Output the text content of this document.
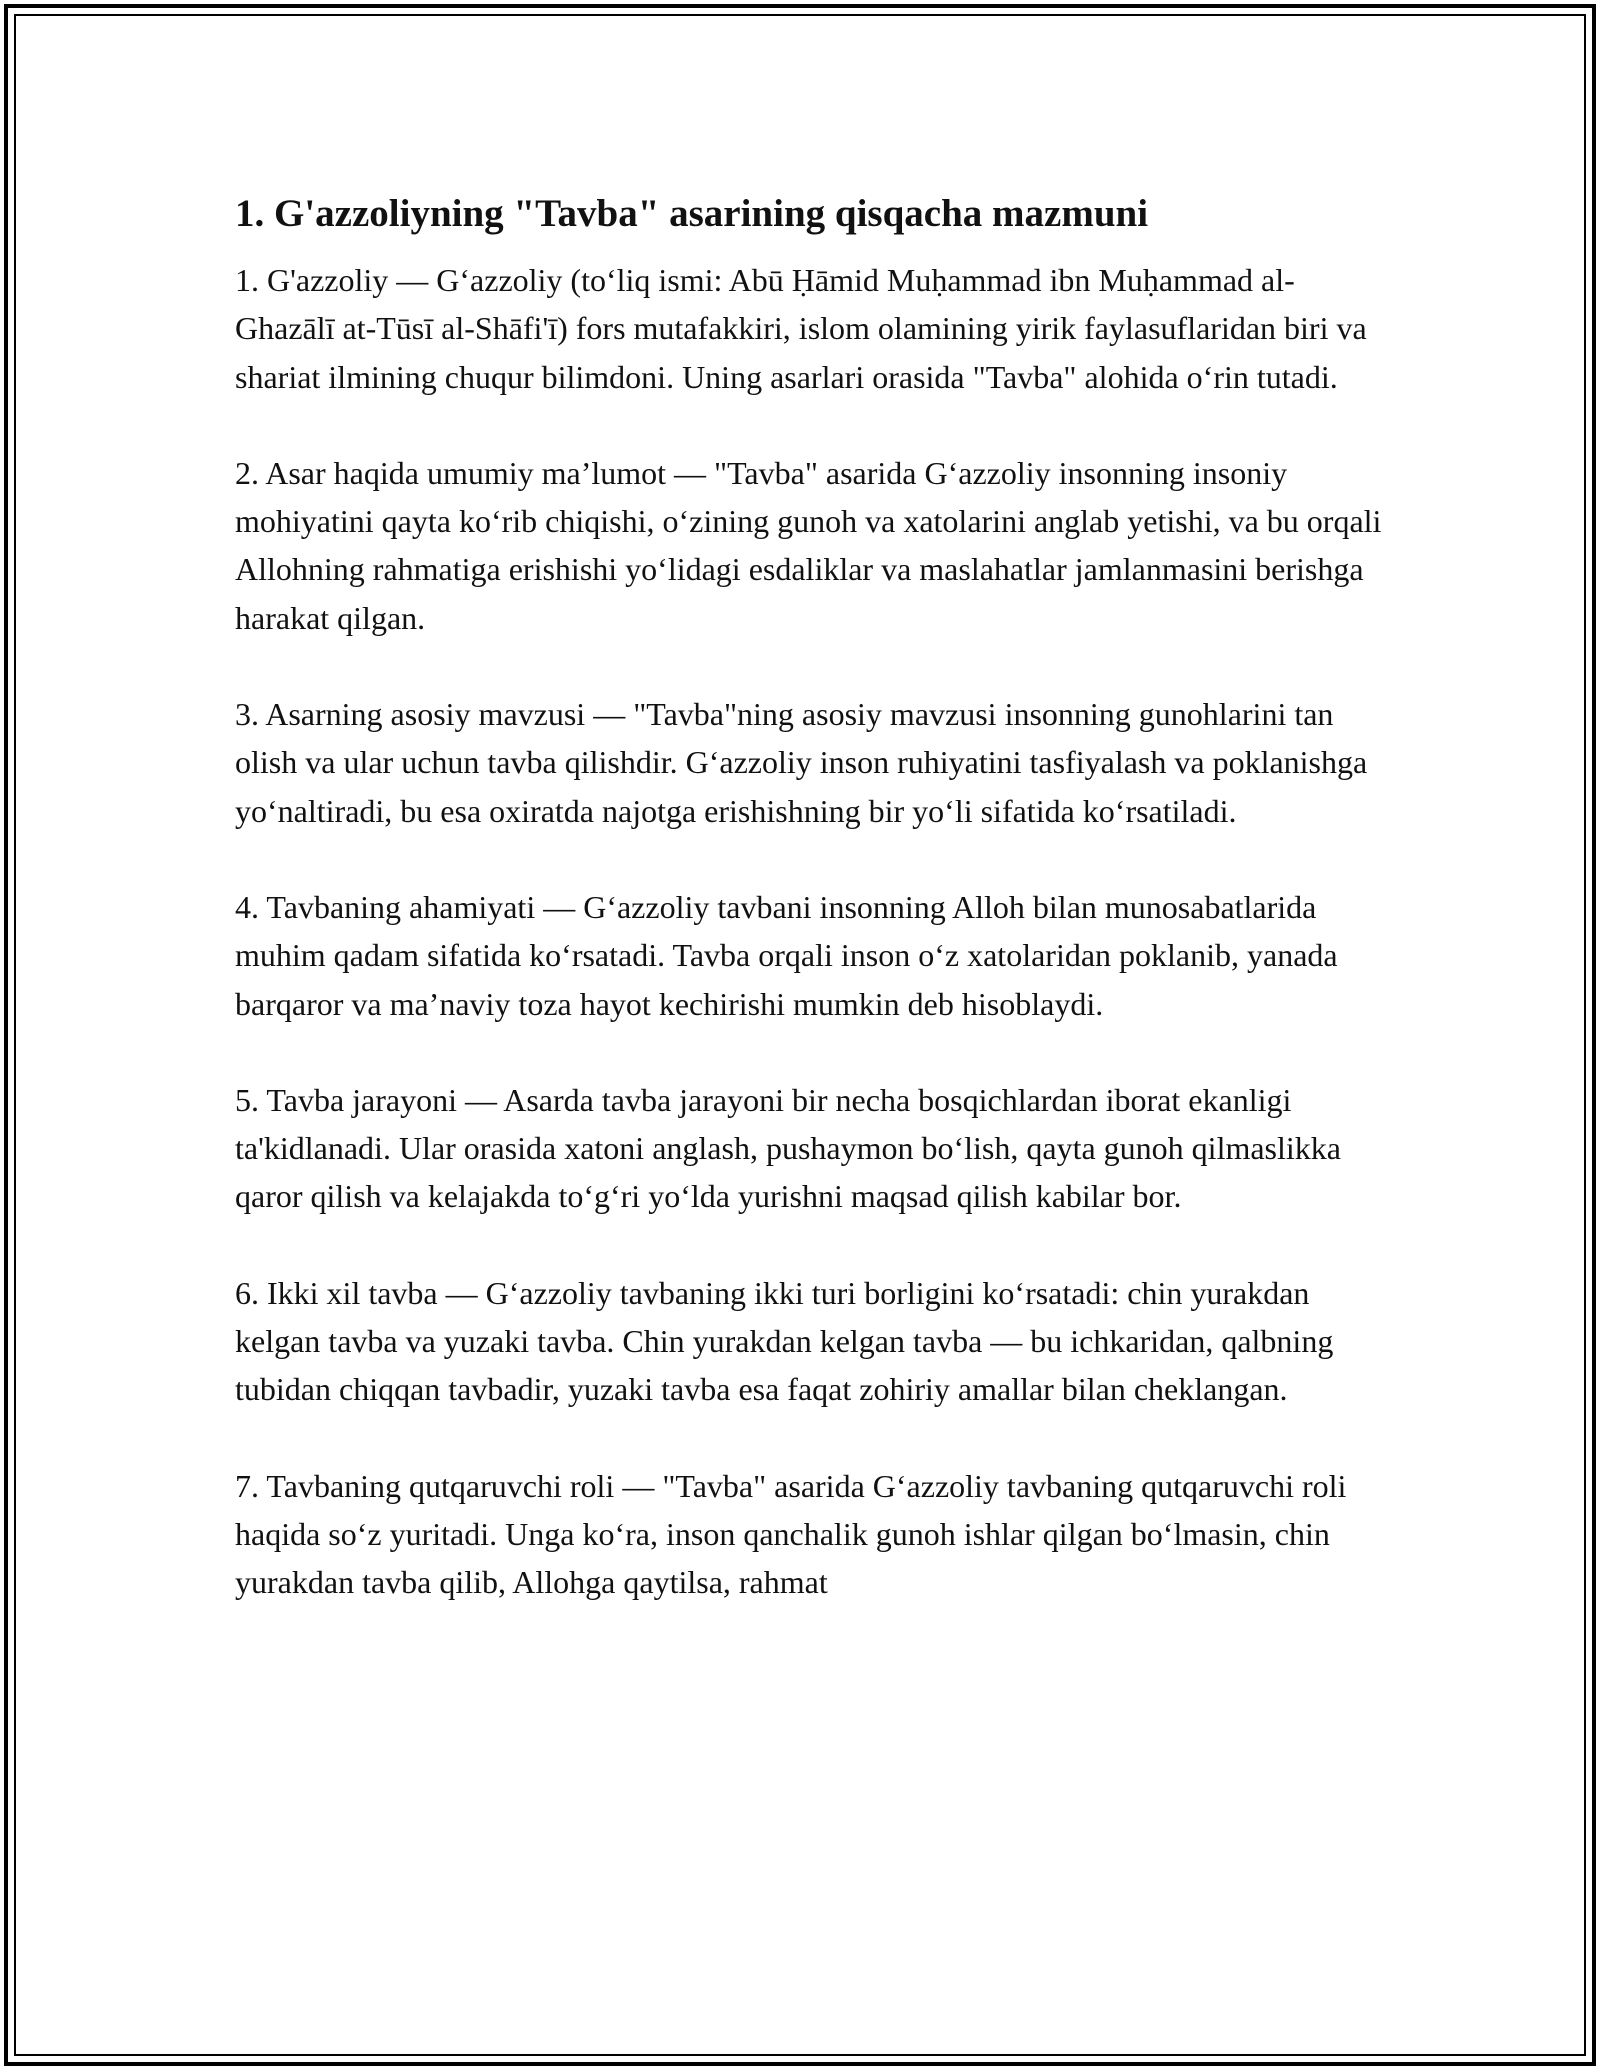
1. G'azzoliyning "Tavba" asarining qisqacha mazmuni

1. G'azzoliy — G‘azzoliy (to‘liq ismi: Abū Ḥāmid Muḥammad ibn Muḥammad al-Ghazālī at-Tūsī al-Shāfi'ī) fors mutafakkiri, islom olamining yirik faylasuflaridan biri va shariat ilmining chuqur bilimdoni. Uning asarlari orasida "Tavba" alohida o‘rin tutadi.

2. Asar haqida umumiy ma’lumot — "Tavba" asarida G‘azzoliy insonning insoniy mohiyatini qayta ko‘rib chiqishi, o‘zining gunoh va xatolarini anglab yetishi, va bu orqali Allohning rahmatiga erishishi yo‘lidagi esdaliklar va maslahatlar jamlanmasini berishga harakat qilgan.

3. Asarning asosiy mavzusi — "Tavba"ning asosiy mavzusi insonning gunohlarini tan olish va ular uchun tavba qilishdir. G‘azzoliy inson ruhiyatini tasfiyalash va poklanishga yo‘naltiradi, bu esa oxiratda najotga erishishning bir yo‘li sifatida ko‘rsatiladi.

4. Tavbaning ahamiyati — G‘azzoliy tavbani insonning Alloh bilan munosabatlarida muhim qadam sifatida ko‘rsatadi. Tavba orqali inson o‘z xatolaridan poklanib, yanada barqaror va ma’naviy toza hayot kechirishi mumkin deb hisoblaydi.

5. Tavba jarayoni — Asarda tavba jarayoni bir necha bosqichlardan iborat ekanligi ta'kidlanadi. Ular orasida xatoni anglash, pushaymon bo‘lish, qayta gunoh qilmaslikka qaror qilish va kelajakda to‘g‘ri yo‘lda yurishni maqsad qilish kabilar bor.

6. Ikki xil tavba — G‘azzoliy tavbaning ikki turi borligini ko‘rsatadi: chin yurakdan kelgan tavba va yuzaki tavba. Chin yurakdan kelgan tavba — bu ichkaridan, qalbning tubidan chiqqan tavbadir, yuzaki tavba esa faqat zohiriy amallar bilan cheklangan.

7. Tavbaning qutqaruvchi roli — "Tavba" asarida G‘azzoliy tavbaning qutqaruvchi roli haqida so‘z yuritadi. Unga ko‘ra, inson qanchalik gunoh ishlar qilgan bo‘lmasin, chin yurakdan tavba qilib, Allohga qaytilsa, rahmat
